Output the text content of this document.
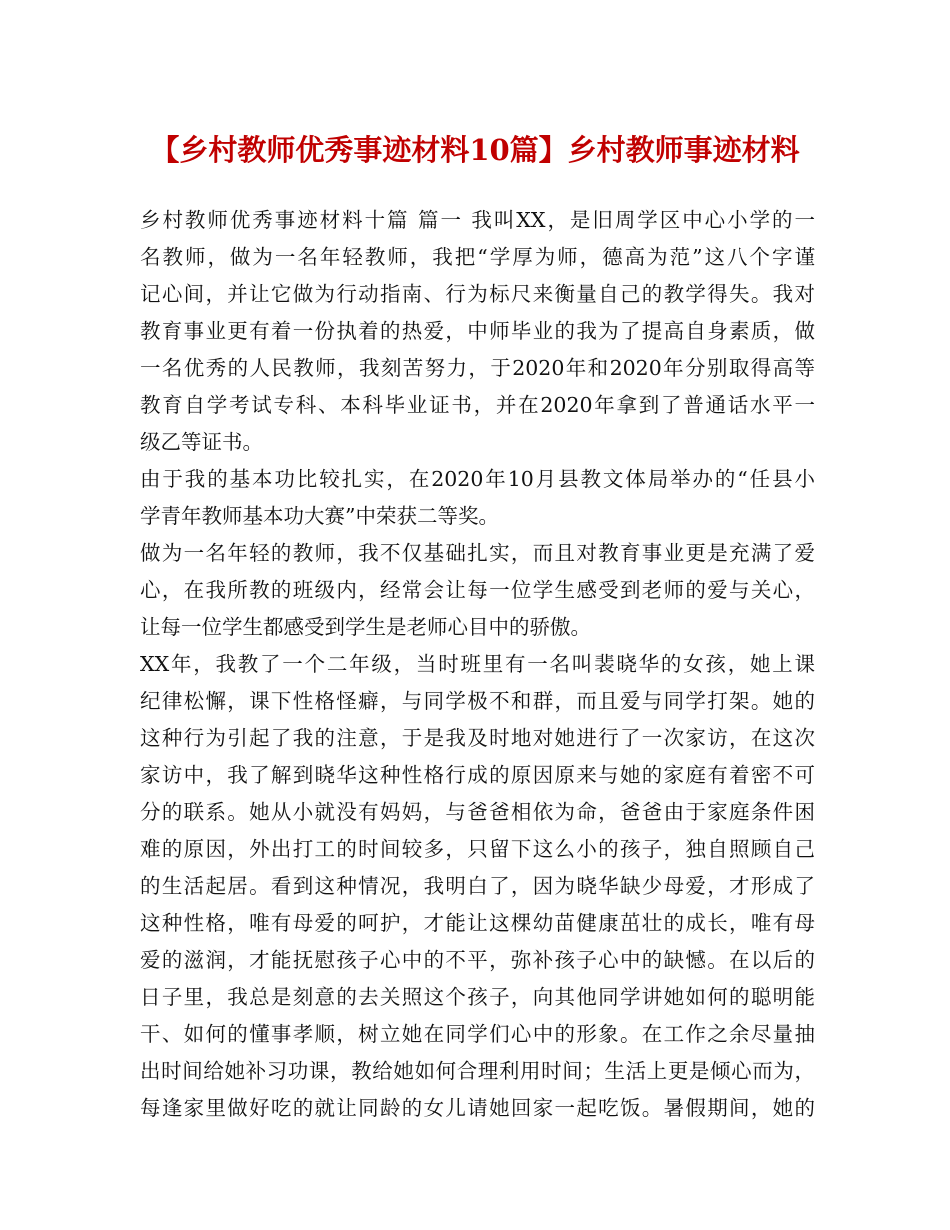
【乡村教师优秀事迹材料10篇】乡村教师事迹材料
乡村教师优秀事迹材料十篇 篇一 我叫XX，是旧周学区中心小学的一
名教师，做为一名年轻教师，我把“学厚为师，德高为范”这八个字谨
记心间，并让它做为行动指南、行为标尺来衡量自己的教学得失。我对
教育事业更有着一份执着的热爱，中师毕业的我为了提高自身素质，做
一名优秀的人民教师，我刻苦努力，于2020年和2020年分别取得高等
教育自学考试专科、本科毕业证书，并在2020年拿到了普通话水平一
级乙等证书。
由于我的基本功比较扎实，在2020年10月县教文体局举办的“任县小
学青年教师基本功大赛”中荣获二等奖。
做为一名年轻的教师，我不仅基础扎实，而且对教育事业更是充满了爱
心，在我所教的班级内，经常会让每一位学生感受到老师的爱与关心，
让每一位学生都感受到学生是老师心目中的骄傲。
XX年，我教了一个二年级，当时班里有一名叫裴晓华的女孩，她上课
纪律松懈，课下性格怪癖，与同学极不和群，而且爱与同学打架。她的
这种行为引起了我的注意，于是我及时地对她进行了一次家访，在这次
家访中，我了解到晓华这种性格行成的原因原来与她的家庭有着密不可
分的联系。她从小就没有妈妈，与爸爸相依为命，爸爸由于家庭条件困
难的原因，外出打工的时间较多，只留下这么小的孩子，独自照顾自己
的生活起居。看到这种情况，我明白了，因为晓华缺少母爱，才形成了
这种性格，唯有母爱的呵护，才能让这棵幼苗健康茁壮的成长，唯有母
爱的滋润，才能抚慰孩子心中的不平，弥补孩子心中的缺憾。在以后的
日子里，我总是刻意的去关照这个孩子，向其他同学讲她如何的聪明能
干、如何的懂事孝顺，树立她在同学们心中的形象。在工作之余尽量抽
出时间给她补习功课，教给她如何合理利用时间；生活上更是倾心而为，
每逢家里做好吃的就让同龄的女儿请她回家一起吃饭。暑假期间，她的
